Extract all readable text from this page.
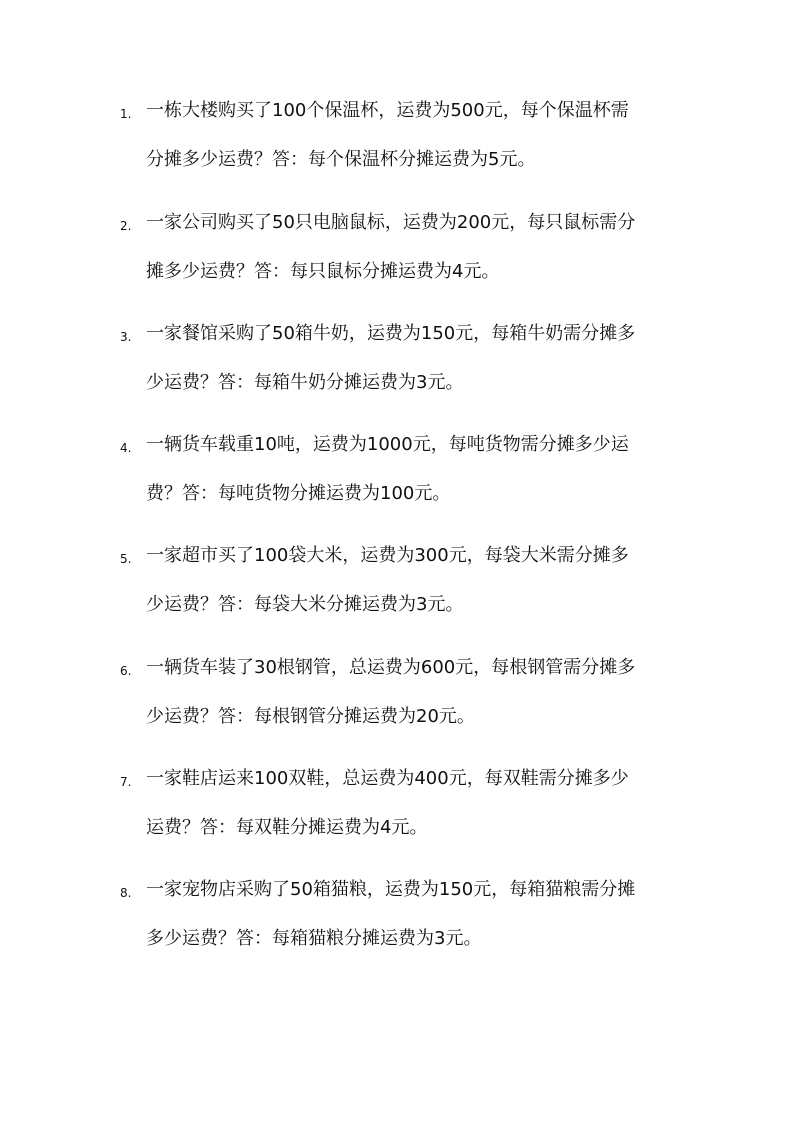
1. 一栋大楼购买了100个保温杯，运费为500元，每个保温杯需
分摊多少运费？答：每个保温杯分摊运费为5元。
2. 一家公司购买了50只电脑鼠标，运费为200元，每只鼠标需分
摊多少运费？答：每只鼠标分摊运费为4元。
3. 一家餐馆采购了50箱牛奶，运费为150元，每箱牛奶需分摊多
少运费？答：每箱牛奶分摊运费为3元。
4. 一辆货车载重10吨，运费为1000元，每吨货物需分摊多少运
费？答：每吨货物分摊运费为100元。
5. 一家超市买了100袋大米，运费为300元，每袋大米需分摊多
少运费？答：每袋大米分摊运费为3元。
6. 一辆货车装了30根钢管，总运费为600元，每根钢管需分摊多
少运费？答：每根钢管分摊运费为20元。
7. 一家鞋店运来100双鞋，总运费为400元，每双鞋需分摊多少
运费？答：每双鞋分摊运费为4元。
8. 一家宠物店采购了50箱猫粮，运费为150元，每箱猫粮需分摊
多少运费？答：每箱猫粮分摊运费为3元。
